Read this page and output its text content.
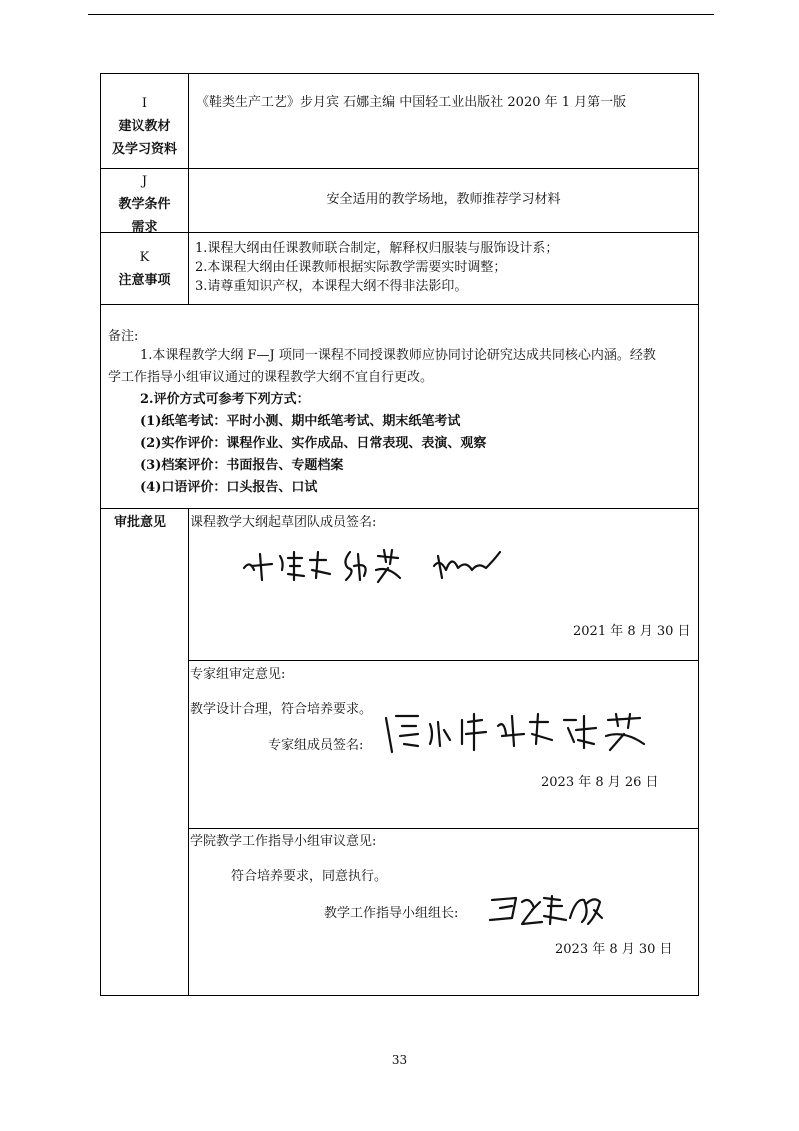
I
建议教材
及学习资料
《鞋类生产工艺》步月宾 石娜主编 中国轻工业出版社 2020 年 1 月第一版
J
教学条件
需求
安全适用的教学场地，教师推荐学习材料
K
注意事项
1.课程大纲由任课教师联合制定，解释权归服装与服饰设计系；
2.本课程大纲由任课教师根据实际教学需要实时调整；
3.请尊重知识产权，本课程大纲不得非法影印。
备注:
1.本课程教学大纲 F—J 项同一课程不同授课教师应协同讨论研究达成共同核心内涵。经教
学工作指导小组审议通过的课程教学大纲不宜自行更改。
2.评价方式可参考下列方式：
(1)纸笔考试：平时小测、期中纸笔考试、期末纸笔考试
(2)实作评价：课程作业、实作成品、日常表现、表演、观察
(3)档案评价：书面报告、专题档案
(4)口语评价：口头报告、口试
审批意见 课程教学大纲起草团队成员签名:
2021 年 8 月 30 日
专家组审定意见:
教学设计合理，符合培养要求。
专家组成员签名:
2023 年 8 月 26 日
学院教学工作指导小组审议意见:
符合培养要求，同意执行。
教学工作指导小组组长:
2023 年 8 月 30 日
33
